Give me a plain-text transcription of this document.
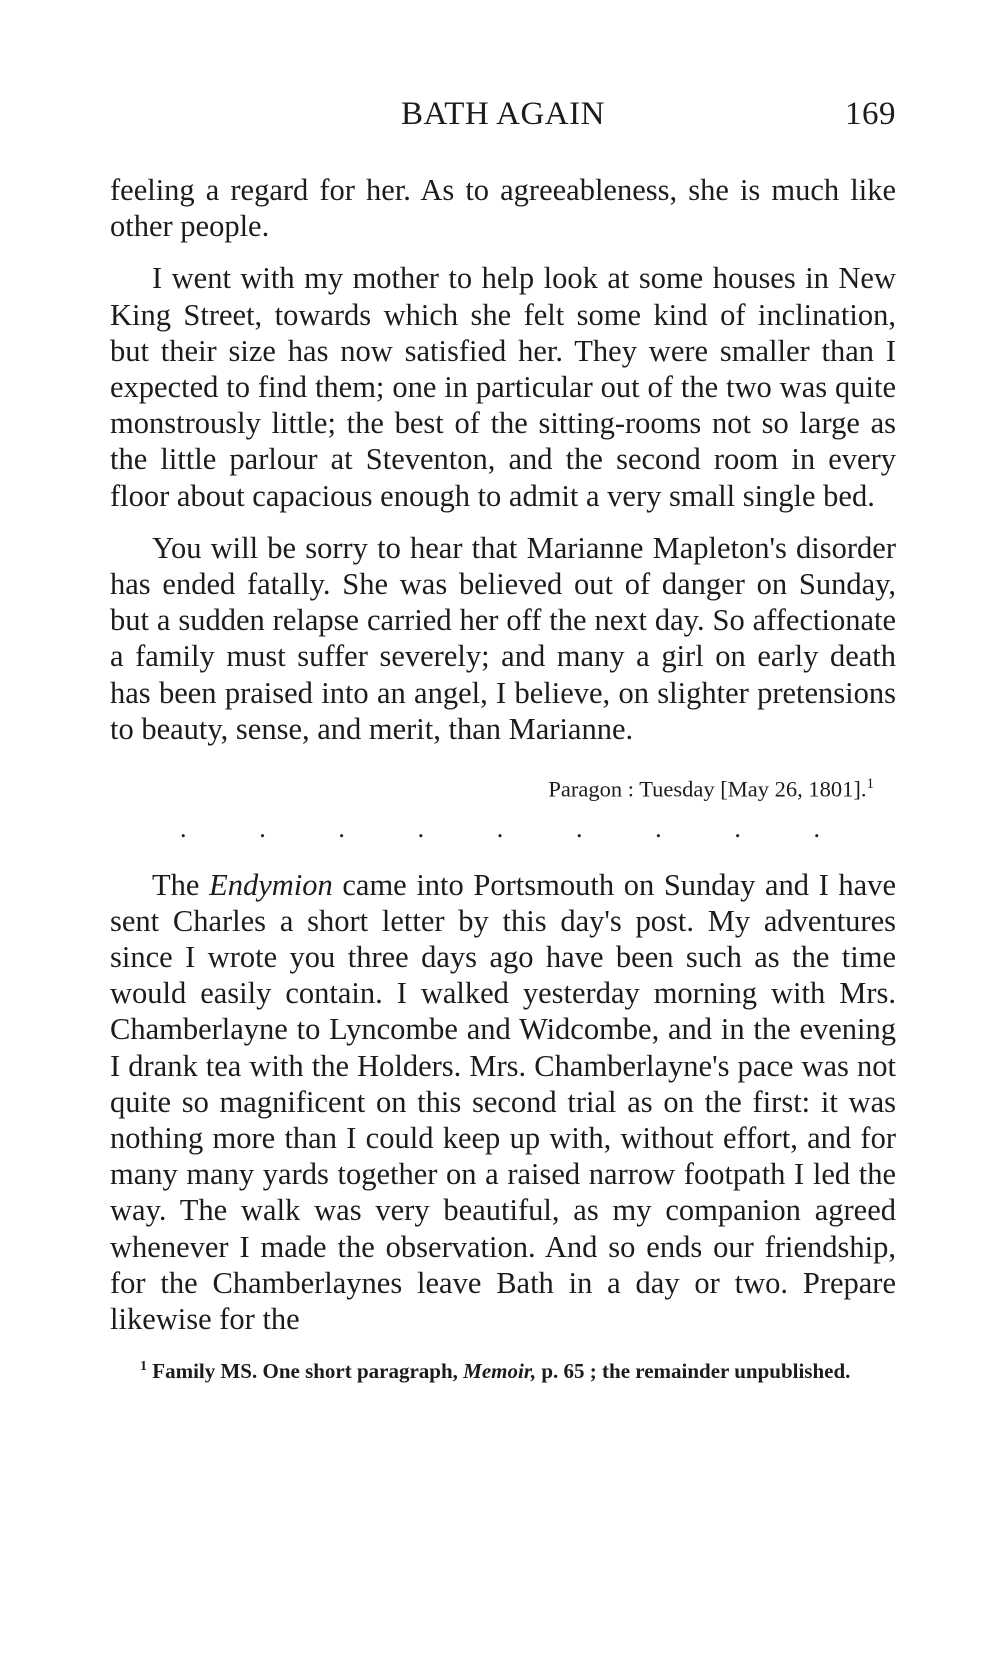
BATH AGAIN	169

feeling a regard for her. As to agreeableness, she is much like other people.

I went with my mother to help look at some houses in New King Street, towards which she felt some kind of inclination, but their size has now satisfied her. They were smaller than I expected to find them; one in particular out of the two was quite monstrously little; the best of the sitting-rooms not so large as the little parlour at Steventon, and the second room in every floor about capacious enough to admit a very small single bed.

You will be sorry to hear that Marianne Mapleton's disorder has ended fatally. She was believed out of danger on Sunday, but a sudden relapse carried her off the next day. So affectionate a family must suffer severely; and many a girl on early death has been praised into an angel, I believe, on slighter pretensions to beauty, sense, and merit, than Marianne.

Paragon : Tuesday [May 26, 1801].$^1$
.	.	.	.	.	.	.	.	.

The Endymion came into Portsmouth on Sunday and I have sent Charles a short letter by this day's post. My adventures since I wrote you three days ago have been such as the time would easily contain. I walked yesterday morning with Mrs. Chamberlayne to Lyncombe and Widcombe, and in the evening I drank tea with the Holders. Mrs. Chamberlayne's pace was not quite so magnificent on this second trial as on the first: it was nothing more than I could keep up with, without effort, and for many many yards together on a raised narrow footpath I led the way. The walk was very beautiful, as my companion agreed whenever I made the observation. And so ends our friendship, for the Chamberlaynes leave Bath in a day or two. Prepare likewise for the

$^1$ Family MS. One short paragraph, Memoir, p. 65 ; the remainder unpublished.
